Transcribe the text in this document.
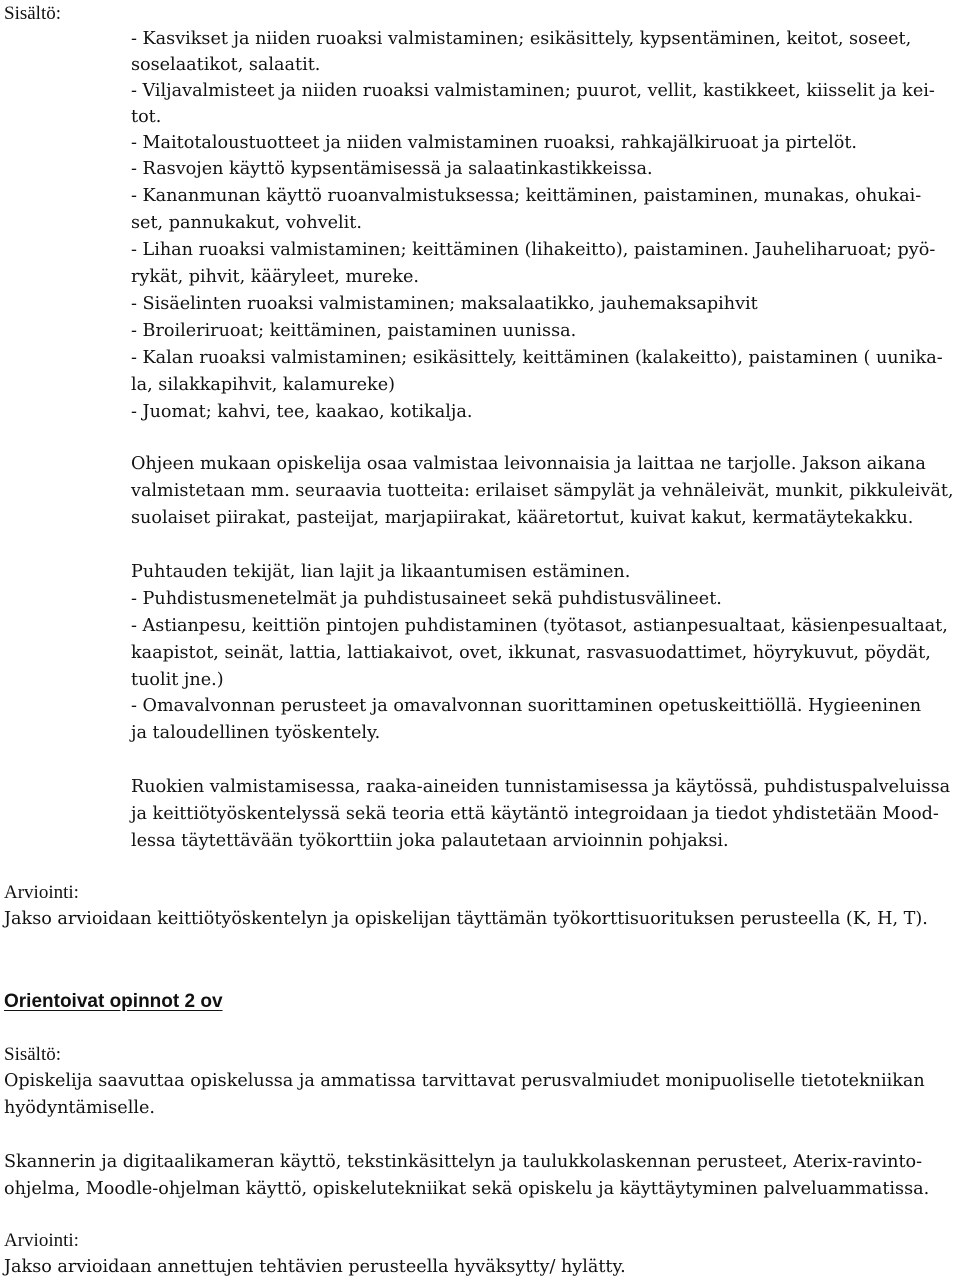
Sisältö:
- Kasvikset ja niiden ruoaksi valmistaminen; esikäsittely, kypsentäminen, keitot, soseet,
soselaatikot, salaatit.
- Viljavalmisteet ja niiden ruoaksi valmistaminen; puurot, vellit, kastikkeet, kiisselit ja kei-
tot.
- Maitotaloustuotteet ja niiden valmistaminen ruoaksi, rahkajälkiruoat ja pirtelöt.
- Rasvojen käyttö kypsentämisessä ja salaatinkastikkeissa.
- Kananmunan käyttö ruoanvalmistuksessa; keittäminen, paistaminen, munakas, ohukai-
set, pannukakut, vohvelit.
- Lihan ruoaksi valmistaminen; keittäminen (lihakeitto), paistaminen. Jauheliharuoat; pyö-
rykät, pihvit, kääryleet, mureke.
- Sisäelinten ruoaksi valmistaminen; maksalaatikko, jauhemaksapihvit
- Broileriruoat; keittäminen, paistaminen uunissa.
- Kalan ruoaksi valmistaminen; esikäsittely, keittäminen (kalakeitto), paistaminen ( uunika-
la, silakkapihvit, kalamureke)
- Juomat; kahvi, tee, kaakao, kotikalja.
Ohjeen mukaan opiskelija osaa valmistaa leivonnaisia ja laittaa ne tarjolle. Jakson aikana
valmistetaan mm. seuraavia tuotteita: erilaiset sämpylät ja vehnäleivät, munkit, pikkuleivät,
suolaiset piirakat, pasteijat, marjapiirakat, kääretortut, kuivat kakut, kermatäytekakku.
Puhtauden tekijät, lian lajit ja likaantumisen estäminen.
- Puhdistusmenetelmät ja puhdistusaineet sekä puhdistusvälineet.
- Astianpesu, keittiön pintojen puhdistaminen (työtasot, astianpesualtaat, käsienpesualtaat,
kaapistot, seinät, lattia, lattiakaivot, ovet, ikkunat, rasvasuodattimet, höyrykuvut, pöydät,
tuolit jne.)
- Omavalvonnan perusteet ja omavalvonnan suorittaminen opetuskeittiöllä. Hygieeninen
ja taloudellinen työskentely.
Ruokien valmistamisessa, raaka-aineiden tunnistamisessa ja käytössä, puhdistuspalveluissa
ja keittiötyöskentelyssä sekä teoria että käytäntö integroidaan ja tiedot yhdistetään Mood-
lessa täytettävään työkorttiin joka palautetaan arvioinnin pohjaksi.
Arviointi:
Jakso arvioidaan keittiötyöskentelyn ja opiskelijan täyttämän työkorttisuorituksen perusteella (K, H, T).
Orientoivat opinnot 2 ov
Sisältö:
Opiskelija saavuttaa opiskelussa ja ammatissa tarvittavat perusvalmiudet monipuoliselle tietotekniikan
hyödyntämiselle.
Skannerin ja digitaalikameran käyttö, tekstinkäsittelyn ja taulukkolaskennan perusteet, Aterix-ravinto-
ohjelma, Moodle-ohjelman käyttö, opiskelutekniikat sekä opiskelu ja käyttäytyminen palveluammatissa.
Arviointi:
Jakso arvioidaan annettujen tehtävien perusteella hyväksytty/ hylätty.
